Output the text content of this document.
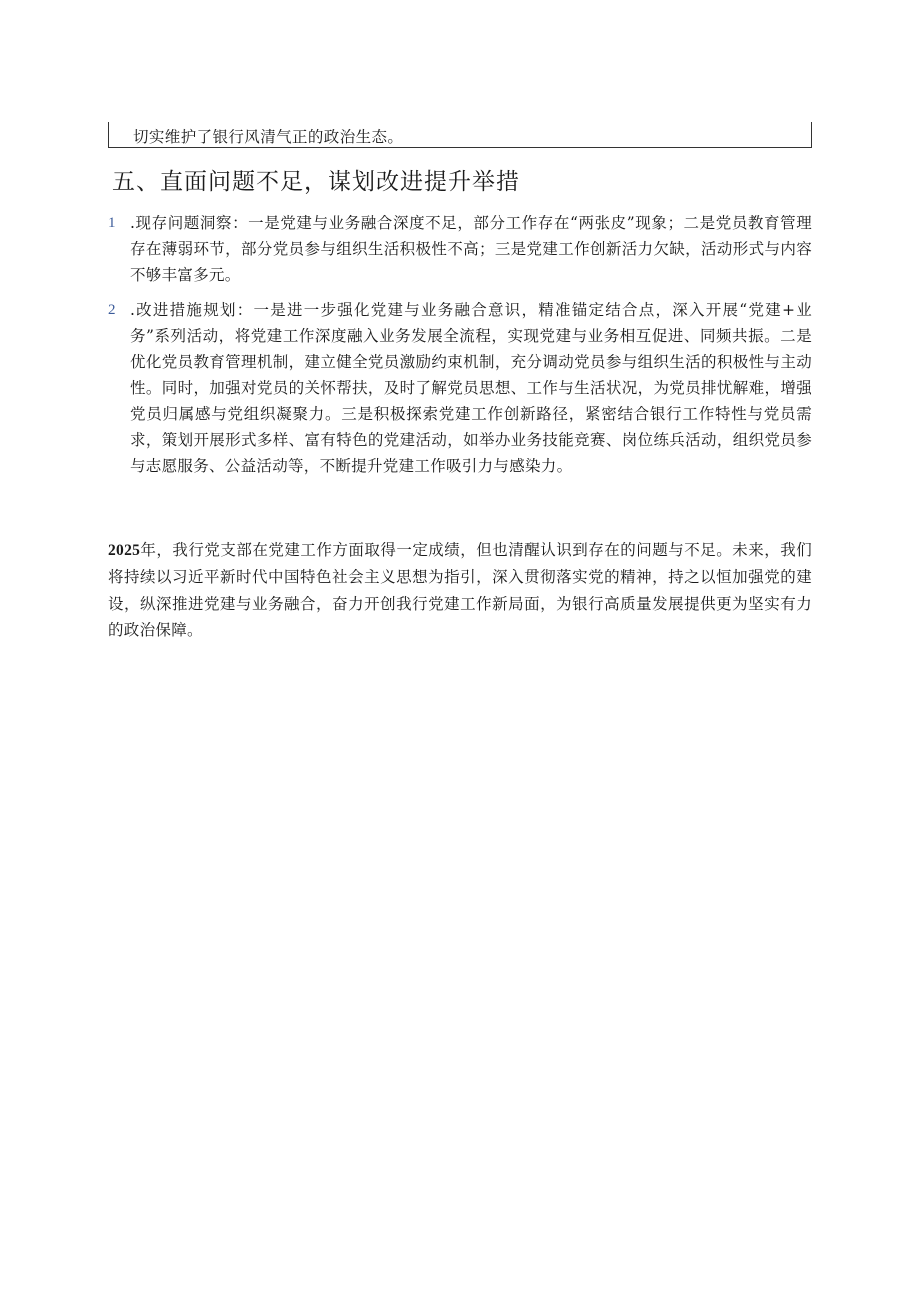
切实维护了银行风清气正的政治生态。
五、直面问题不足，谋划改进提升举措
1 .现存问题洞察：一是党建与业务融合深度不足，部分工作存在“两张皮”现象；二是党员教育管理存在薄弱环节，部分党员参与组织生活积极性不高；三是党建工作创新活力欠缺，活动形式与内容不够丰富多元。
2 .改进措施规划：一是进一步强化党建与业务融合意识，精准锚定结合点，深入开展“党建+业务”系列活动，将党建工作深度融入业务发展全流程，实现党建与业务相互促进、同频共振。二是优化党员教育管理机制，建立健全党员激励约束机制，充分调动党员参与组织生活的积极性与主动性。同时，加强对党员的关怀帮扶，及时了解党员思想、工作与生活状况，为党员排忧解难，增强党员归属感与党组织凝聚力。三是积极探索党建工作创新路径，紧密结合银行工作特性与党员需求，策划开展形式多样、富有特色的党建活动，如举办业务技能竞赛、岗位练兵活动，组织党员参与志愿服务、公益活动等，不断提升党建工作吸引力与感染力。

2025年，我行党支部在党建工作方面取得一定成绩，但也清醒认识到存在的问题与不足。未来，我们将持续以习近平新时代中国特色社会主义思想为指引，深入贯彻落实党的精神，持之以恒加强党的建设，纵深推进党建与业务融合，奋力开创我行党建工作新局面，为银行高质量发展提供更为坚实有力的政治保障。
